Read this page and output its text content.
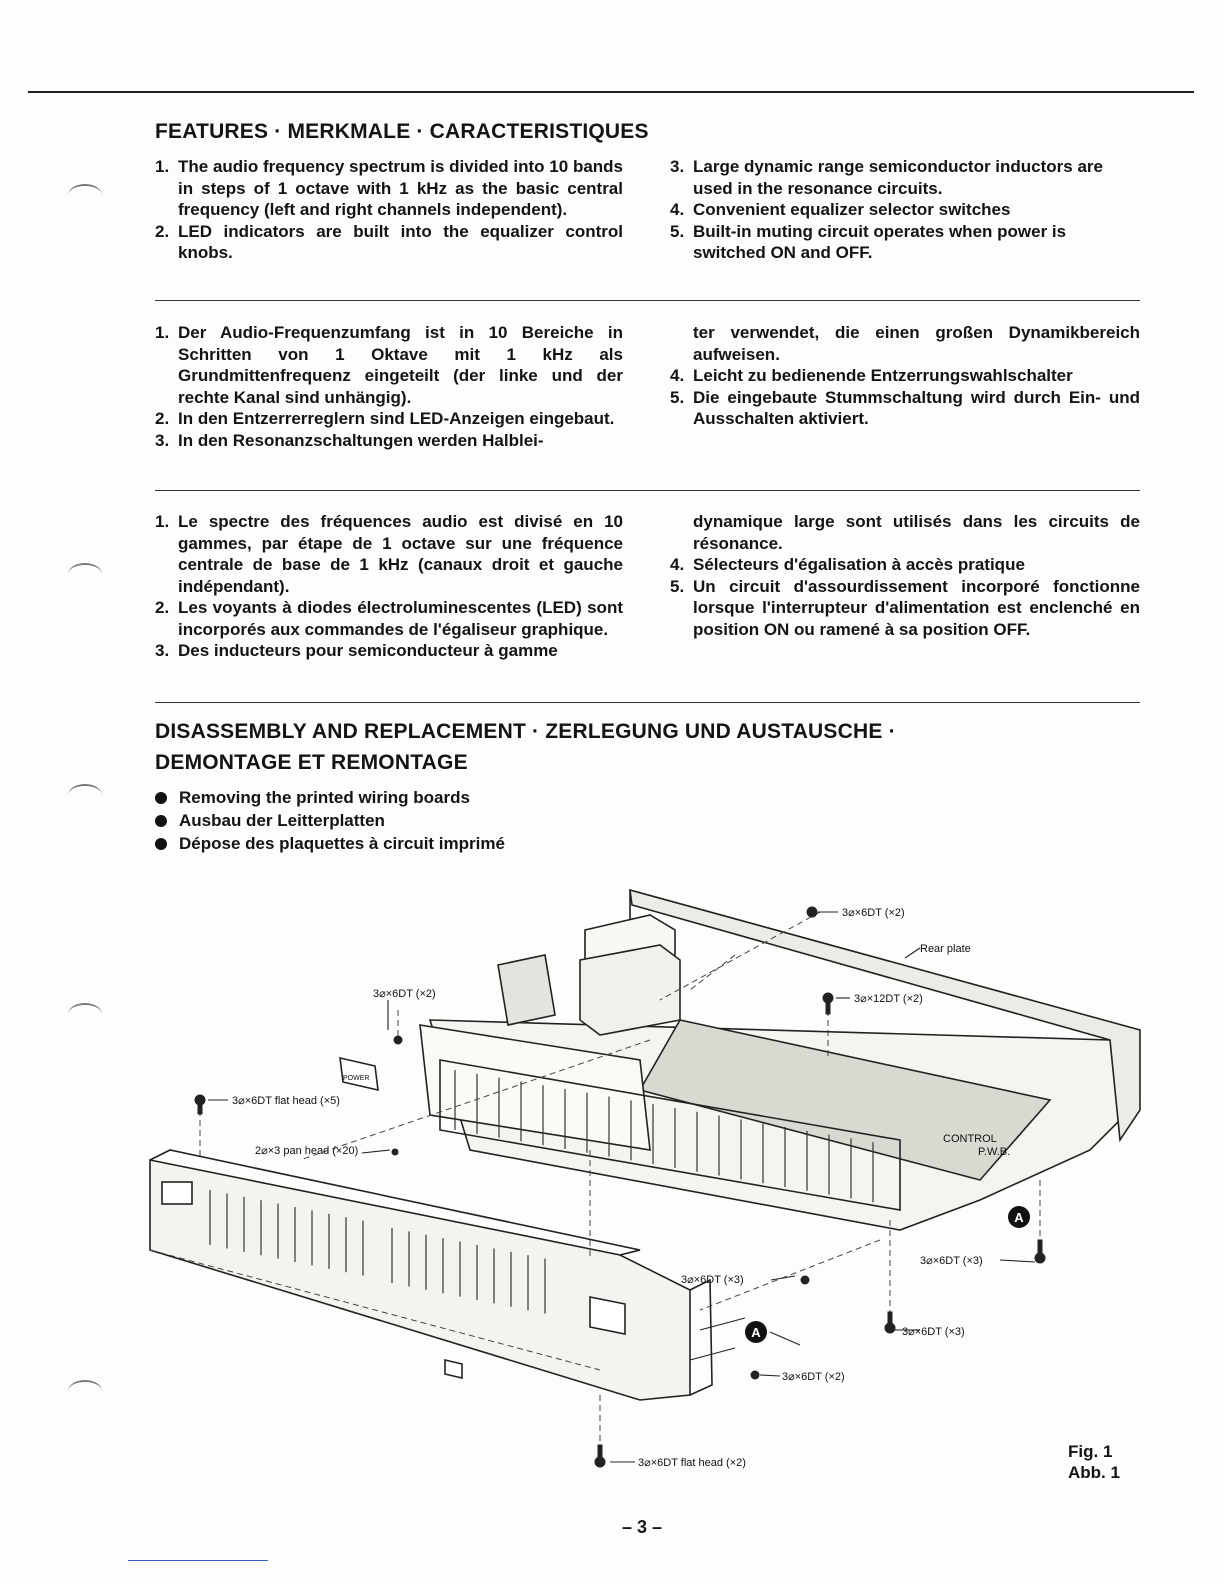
FEATURES · MERKMALE · CARACTERISTIQUES
1. The audio frequency spectrum is divided into 10 bands in steps of 1 octave with 1 kHz as the basic central frequency (left and right channels independent).
2. LED indicators are built into the equalizer control knobs.
3. Large dynamic range semiconductor inductors are used in the resonance circuits.
4. Convenient equalizer selector switches
5. Built-in muting circuit operates when power is switched ON and OFF.
1. Der Audio-Frequenzumfang ist in 10 Bereiche in Schritten von 1 Oktave mit 1 kHz als Grundmittenfrequenz eingeteilt (der linke und der rechte Kanal sind unhängig).
2. In den Entzerrerreglern sind LED-Anzeigen eingebaut.
3. In den Resonanzschaltungen werden Halblei-
ter verwendet, die einen großen Dynamikbereich aufweisen.
4. Leicht zu bedienende Entzerrungswahlschalter
5. Die eingebaute Stummschaltung wird durch Ein- und Ausschalten aktiviert.
1. Le spectre des fréquences audio est divisé en 10 gammes, par étape de 1 octave sur une fréquence centrale de base de 1 kHz (canaux droit et gauche indépendant).
2. Les voyants à diodes électroluminescentes (LED) sont incorporés aux commandes de l'égaliseur graphique.
3. Des inducteurs pour semiconducteur à gamme
dynamique large sont utilisés dans les circuits de résonance.
4. Sélecteurs d'égalisation à accès pratique
5. Un circuit d'assourdissement incorporé fonctionne lorsque l'interrupteur d'alimentation est enclenché en position ON ou ramené à sa position OFF.
DISASSEMBLY AND REPLACEMENT · ZERLEGUNG UND AUSTAUSCHE ·
DEMONTAGE ET REMONTAGE
Removing the printed wiring boards
Ausbau der Leitterplatten
Dépose des plaquettes à circuit imprimé
A
A
3⌀×6DT (×2)
Rear plate
3⌀×6DT (×2)	3⌀×12DT (×2)
3⌀×6DT flat head (×5)
2⌀×3 pan head (×20)
CONTROL
P.W.B.
POWER
3⌀×6DT (×3)
3⌀×6DT (×3)
3⌀×6DT (×3)
3⌀×6DT (×2)
3⌀×6DT flat head (×2)
Fig. 1
Abb. 1
– 3 –
